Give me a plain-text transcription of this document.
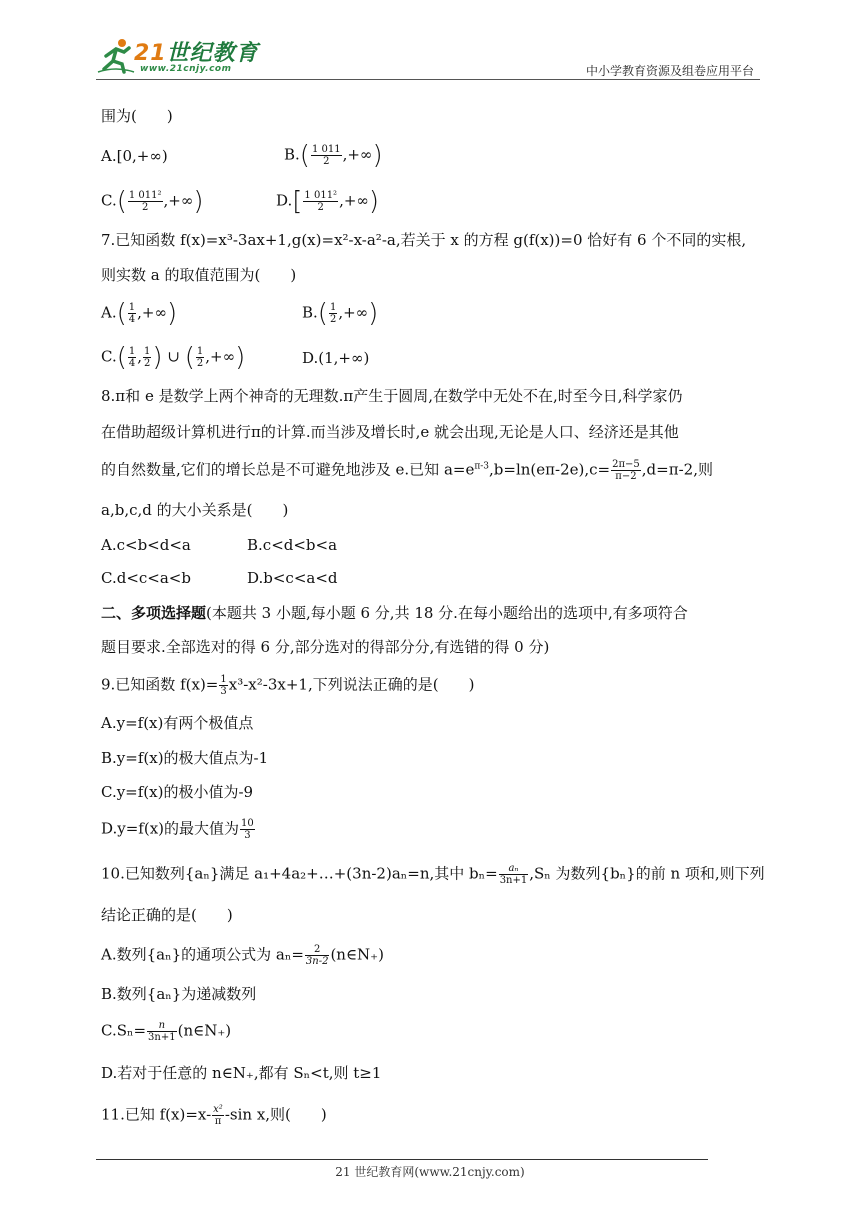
21世纪教育
www.21cnjy.com	中小学教育资源及组卷应用平台
围为(　　)
A.[0,+∞)	$B.( \frac{1 011}{2}$ ,+∞)
$C.( \frac{\text{1 011²}}{2}$ ,+∞)	$D.[ \frac{\text{1 011²}}{2}$ ,+∞)
7.已知函数 f(x)=x³-3ax+1,g(x)=x²-x-a²-a,若关于 x 的方程 g(f(x))=0 恰好有 6 个不同的实根,
则实数 a 的取值范围为(　　)
$A.( \frac{1}{4}$ ,+∞)	$B.( \frac{1}{2}$ ,+∞)
$C.( \frac{1}{4}$ , $\frac{1}{2}$ ) ∪ ( $\frac{1}{2}$ ,+∞)	D.(1,+∞)
8.π和 e 是数学上两个神奇的无理数.π产生于圆周,在数学中无处不在,时至今日,科学家仍
在借助超级计算机进行π的计算.而当涉及增长时,e 就会出现,无论是人口、经济还是其他
的自然数量,它们的增长总是不可避免地涉及 e.已知 $a=e^{\pi-3},b=\ln(e\pi-2e),c= \frac{2\pi-5}{\pi-2} ,d=\pi-2$,则
a,b,c,d 的大小关系是(　　)
A.c<b<d<a	B.c<d<b<a
C.d<c<a<b	D.b<c<a<d
二、多项选择题(本题共 3 小题,每小题 6 分,共 18 分.在每小题给出的选项中,有多项符合
题目要求.全部选对的得 6 分,部分选对的得部分分,有选错的得 0 分)
9.已知函数 $f(x)= \frac{1}{3} x^3-x^2-3x+1$,下列说法正确的是(　　)
A.y=f(x)有两个极值点
B.y=f(x)的极大值点为-1
C.y=f(x)的极小值为-9
D.y=f(x)的最大值为 $\frac{10}{3}$
10.已知数列{aₙ}满足 a₁+4a₂+…+(3n-2)aₙ=n,其中 $b_n= \frac{\text{aₙ}}{3n+1} ,S_n$ 为数列{bₙ}的前 n 项和,则下列
结论正确的是(　　)
A.数列{aₙ}的通项公式为 $a_n= \frac{2}{3n-2}$ (n∈N₊)
B.数列{aₙ}为递减数列
$C.S_n= \frac{n}{3n+1}$ (n∈N₊)
D.若对于任意的 n∈N₊,都有 Sₙ<t,则 t≥1
11.已知 $f(x)=x- \frac{\text{x²}}{\pi} -\sin$ x,则(　　)
21 世纪教育网(www.21cnjy.com)
